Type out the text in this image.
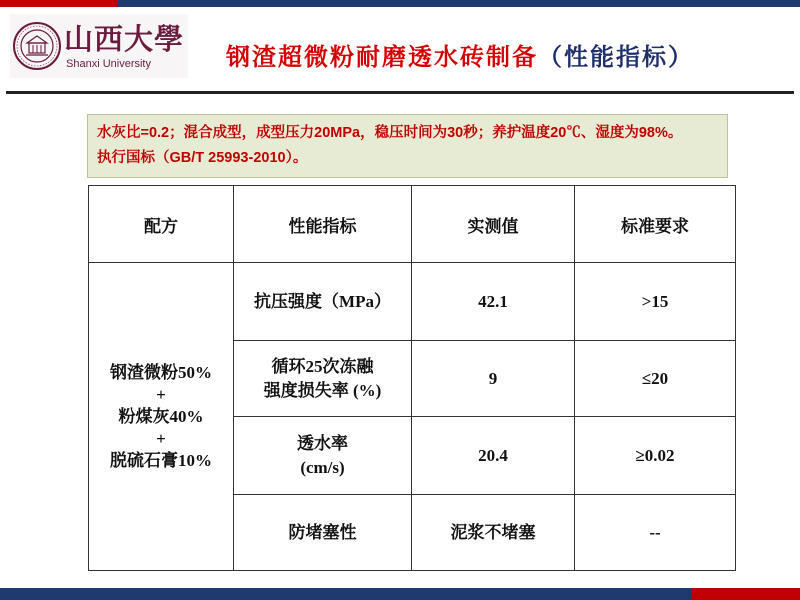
山西大學
Shanxi University	钢渣超微粉耐磨透水砖制备（性能指标）
水灰比=0.2；混合成型，成型压力20MPa，稳压时间为30秒；养护温度20℃、湿度为98%。
执行国标（GB/T 25993-2010）。
配方	性能指标	实测值	标准要求

钢渣微粉50%
+
粉煤灰40%
+
脱硫石膏10%	抗压强度（MPa）	42.1	>15

	循环25次冻融
强度损失率 (%)	9	≤20

	透水率
(cm/s)	20.4	≥0.02

	防堵塞性	泥浆不堵塞	--
